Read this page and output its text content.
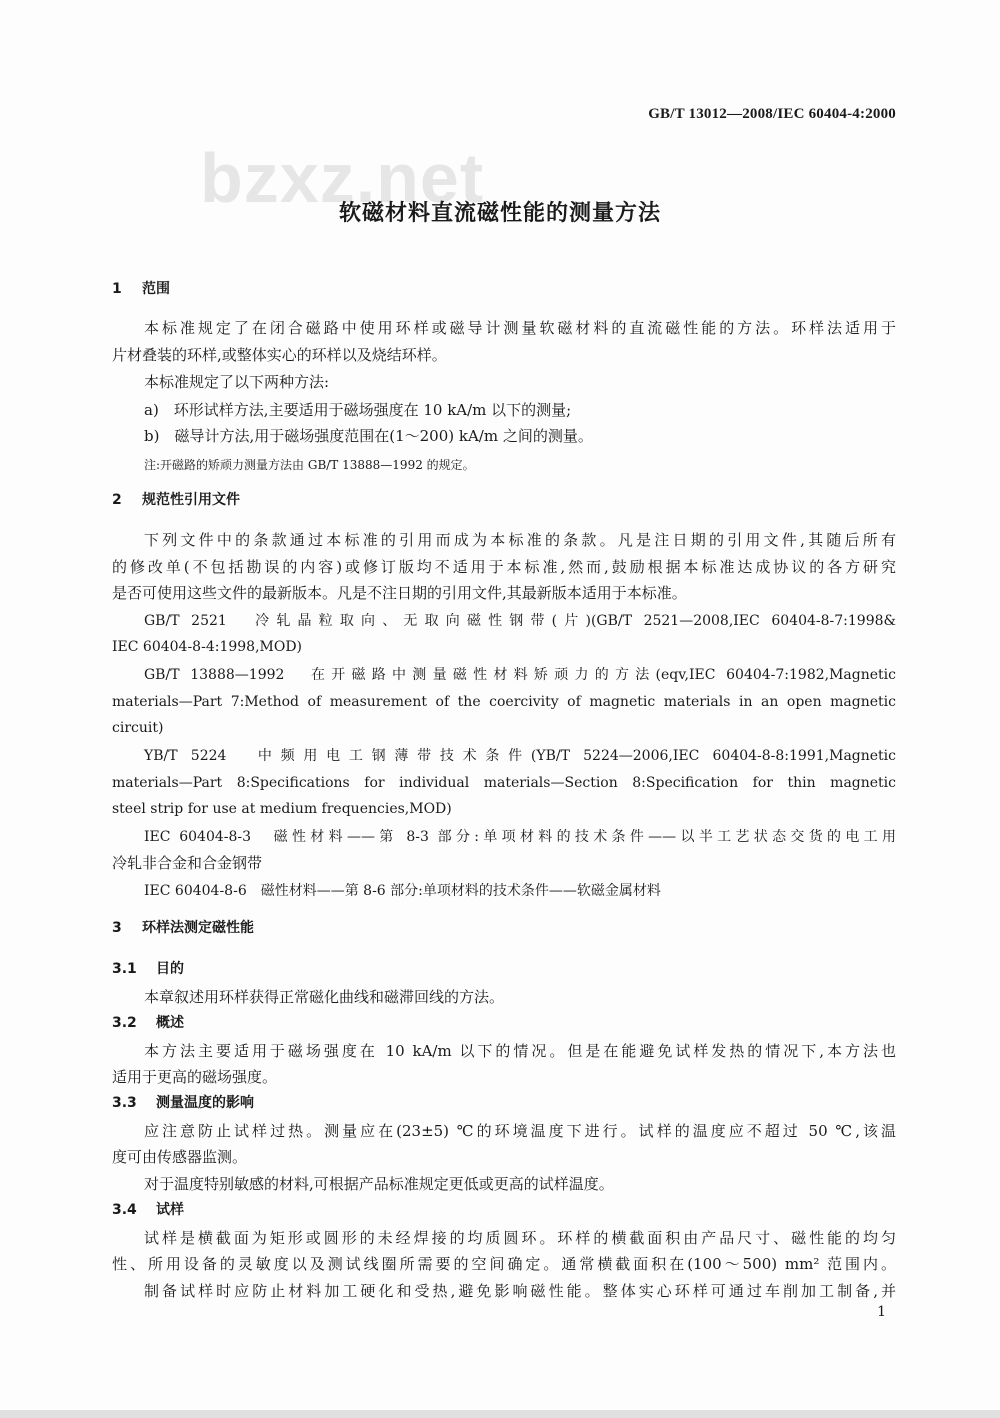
bzxz.net
GB/T 13012—2008/IEC 60404-4:2000
软磁材料直流磁性能的测量方法
1 范围
本标准规定了在闭合磁路中使用环样或磁导计测量软磁材料的直流磁性能的方法。环样法适用于
片材叠装的环样,或整体实心的环样以及烧结环样。
本标准规定了以下两种方法:
a)　环形试样方法,主要适用于磁场强度在 10 kA/m 以下的测量;
b)　磁导计方法,用于磁场强度范围在(1～200) kA/m 之间的测量。
注:开磁路的矫顽力测量方法由 GB/T 13888—1992 的规定。
2 规范性引用文件
下列文件中的条款通过本标准的引用而成为本标准的条款。凡是注日期的引用文件,其随后所有
的修改单(不包括勘误的内容)或修订版均不适用于本标准,然而,鼓励根据本标准达成协议的各方研究
是否可使用这些文件的最新版本。凡是不注日期的引用文件,其最新版本适用于本标准。
GB/T 2521　冷轧晶粒取向、无取向磁性钢带(片)(GB/T 2521—2008,IEC 60404-8-7:1998&
IEC 60404-8-4:1998,MOD)
GB/T 13888—1992　在开磁路中测量磁性材料矫顽力的方法(eqv,IEC 60404-7:1982,Magnetic
materials—Part 7:Method of measurement of the coercivity of magnetic materials in an open magnetic
circuit)
YB/T 5224　中频用电工钢薄带技术条件(YB/T 5224—2006,IEC 60404-8-8:1991,Magnetic
materials—Part 8:Specifications for individual materials—Section 8:Specification for thin magnetic
steel strip for use at medium frequencies,MOD)
IEC 60404-8-3　磁性材料——第 8-3 部分:单项材料的技术条件——以半工艺状态交货的电工用
冷轧非合金和合金钢带
IEC 60404-8-6　磁性材料——第 8-6 部分:单项材料的技术条件——软磁金属材料
3 环样法测定磁性能
3.1 目的
本章叙述用环样获得正常磁化曲线和磁滞回线的方法。
3.2 概述
本方法主要适用于磁场强度在 10 kA/m 以下的情况。但是在能避免试样发热的情况下,本方法也
适用于更高的磁场强度。
3.3 测量温度的影响
应注意防止试样过热。测量应在(23±5) ℃的环境温度下进行。试样的温度应不超过 50 ℃,该温
度可由传感器监测。
对于温度特别敏感的材料,可根据产品标准规定更低或更高的试样温度。
3.4 试样
试样是横截面为矩形或圆形的未经焊接的均质圆环。环样的横截面积由产品尺寸、磁性能的均匀
性、所用设备的灵敏度以及测试线圈所需要的空间确定。通常横截面积在(100～500) mm² 范围内。
制备试样时应防止材料加工硬化和受热,避免影响磁性能。整体实心环样可通过车削加工制备,并
1
